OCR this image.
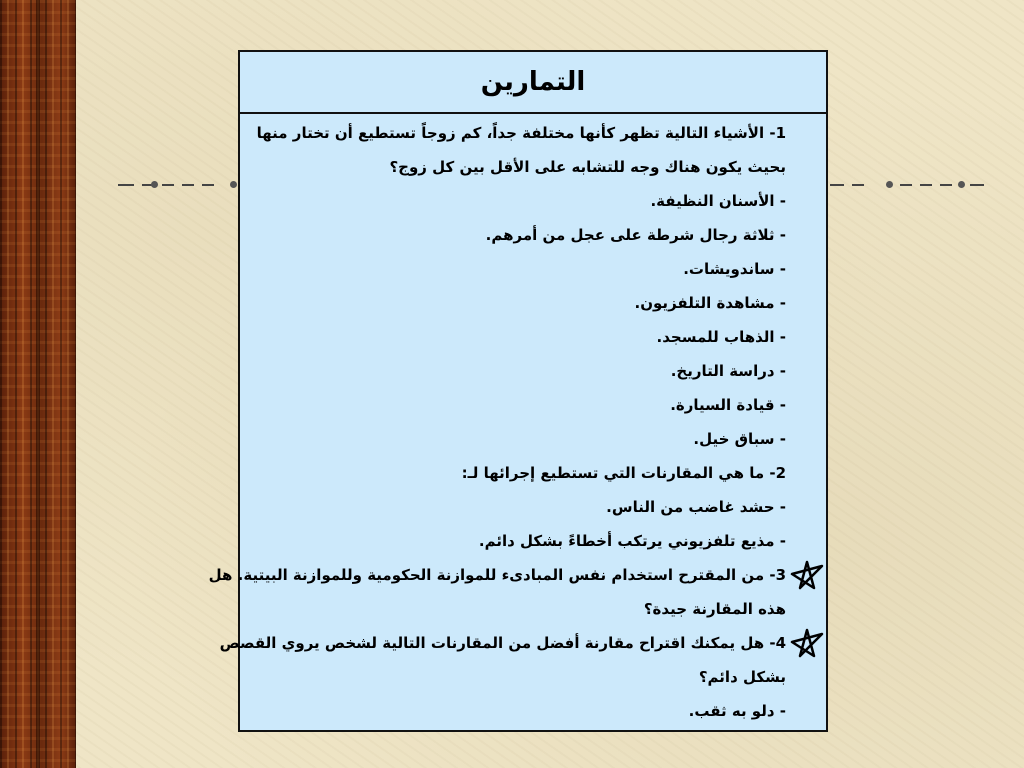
التمارين
1- الأشياء التالية تظهر كأنها مختلفة جداً، كم زوجاً تستطيع أن تختار منها
بحيث يكون هناك وجه للتشابه على الأقل بين كل زوج؟
- الأسنان النظيفة.
- ثلاثة رجال شرطة على عجل من أمرهم.
- ساندويشات.
- مشاهدة التلفزيون.
- الذهاب للمسجد.
- دراسة التاريخ.
- قيادة السيارة.
- سباق خيل.
2- ما هي المقارنات التي تستطيع إجرائها لـ:
- حشد غاضب من الناس.
- مذيع تلفزيوني يرتكب أخطاءً بشكل دائم.
3- من المقترح استخدام نفس المبادىء للموازنة الحكومية وللموازنة البيتية. هل
هذه المقارنة جيدة؟
4- هل يمكنك اقتراح مقارنة أفضل من المقارنات التالية لشخص يروي القصص
بشكل دائم؟
- دلو به ثقب.
